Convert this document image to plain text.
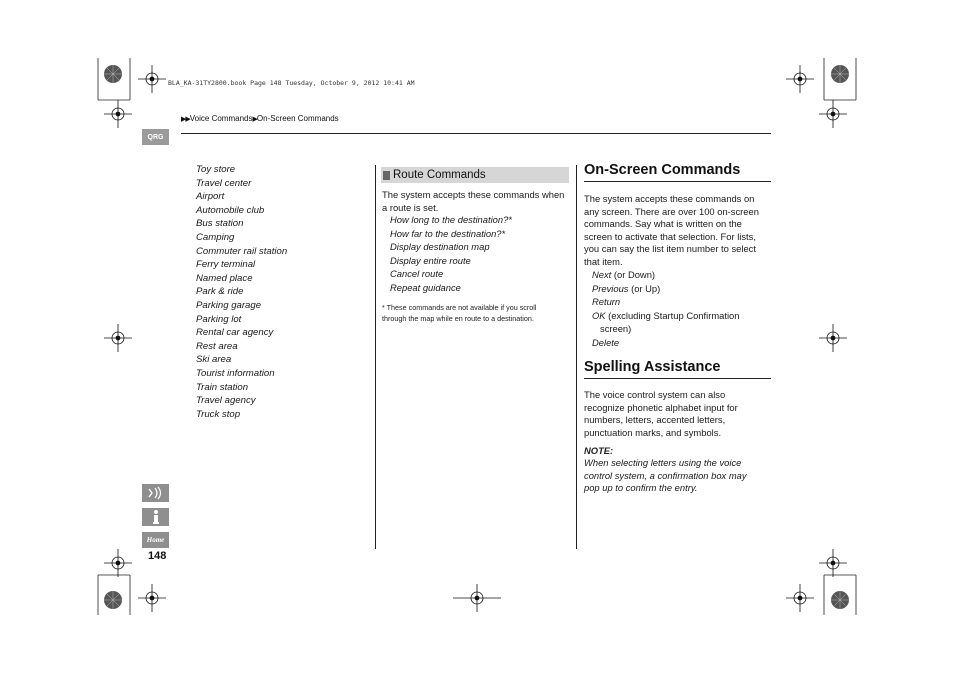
BLA_KA-31TY2800.book Page 148 Tuesday, October 9, 2012 10:41 AM
▶▶Voice Commands▶On-Screen Commands
QRG
Home
148
Toy store
Travel center
Airport
Automobile club
Bus station
Camping
Commuter rail station
Ferry terminal
Named place
Park & ride
Parking garage
Parking lot
Rental car agency
Rest area
Ski area
Tourist information
Train station
Travel agency
Truck stop
Route Commands
The system accepts these commands when a route is set.
How long to the destination?*
How far to the destination?*
Display destination map
Display entire route
Cancel route
Repeat guidance
* These commands are not available if you scroll through the map while en route to a destination.
On-Screen Commands
The system accepts these commands on any screen. There are over 100 on-screen commands. Say what is written on the screen to activate that selection. For lists, you can say the list item number to select that item.
Next (or Down)
Previous (or Up)
Return
OK (excluding Startup Confirmation
screen)
Delete
Spelling Assistance
The voice control system can also recognize phonetic alphabet input for numbers, letters, accented letters, punctuation marks, and symbols.
NOTE:
When selecting letters using the voice control system, a confirmation box may pop up to confirm the entry.
